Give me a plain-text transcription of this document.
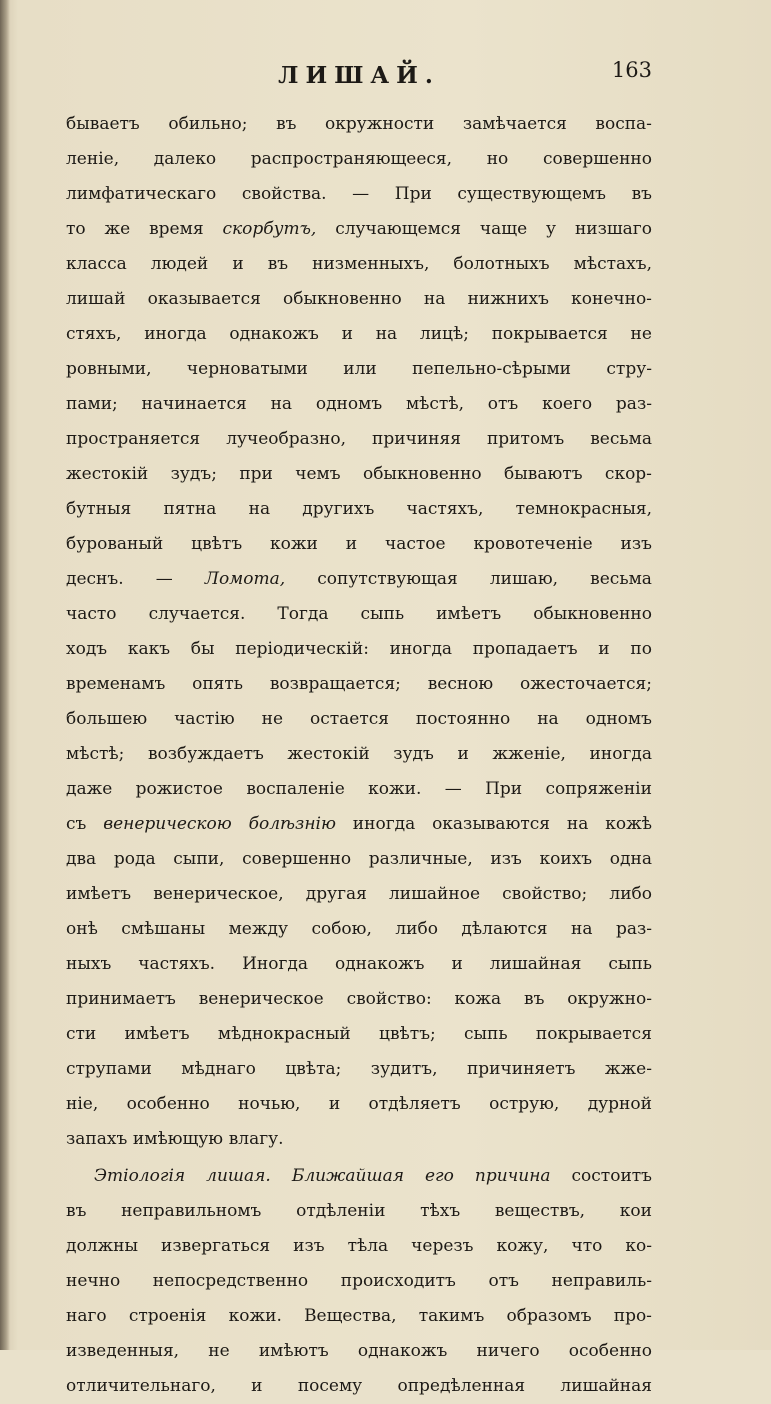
ЛИШАЙ.	163
бываетъ обильно; въ окружности замѣчается воспа-
леніе, далеко распространяющееся, но совершенно
лимфатическаго свойства. — При существующемъ въ
то же время скорбутъ, случающемся чаще у низшаго
класса людей и въ низменныхъ, болотныхъ мѣстахъ,
лишай оказывается обыкновенно на нижнихъ конечно-
стяхъ, иногда однакожъ и на лицѣ; покрывается не
ровными, черноватыми или пепельно-сѣрыми стру-
пами; начинается на одномъ мѣстѣ, отъ коего раз-
пространяется лучеобразно, причиняя притомъ весьма
жестокій зудъ; при чемъ обыкновенно бываютъ скор-
бутныя пятна на другихъ частяхъ, темнокрасныя,
бурованый цвѣтъ кожи и частое кровотеченіе изъ
деснъ. — Ломота, сопутствующая лишаю, весьма
часто случается. Тогда сыпь имѣетъ обыкновенно
ходъ какъ бы періодическій: иногда пропадаетъ и по
временамъ опять возвращается; весною ожесточается;
большею частію не остается постоянно на одномъ
мѣстѣ; возбуждаетъ жестокій зудъ и жженіе, иногда
даже рожистое воспаленіе кожи. — При сопряженіи
съ венерическою болѣзнію иногда оказываются на кожѣ
два рода сыпи, совершенно различные, изъ коихъ одна
имѣетъ венерическое, другая лишайное свойство; либо
онѣ смѣшаны между собою, либо дѣлаются на раз-
ныхъ частяхъ. Иногда однакожъ и лишайная сыпь
принимаетъ венерическое свойство: кожа въ окружно-
сти имѣетъ мѣднокрасный цвѣтъ; сыпь покрывается
струпами мѣднаго цвѣта; зудитъ, причиняетъ жже-
ніе, особенно ночью, и отдѣляетъ острую, дурной
запахъ имѣющую влагу.
Этіологія лишая. Ближайшая его причина состоитъ
въ неправильномъ отдѣленіи тѣхъ веществъ, кои
должны извергаться изъ тѣла черезъ кожу, что ко-
нечно непосредственно происходитъ отъ неправиль-
наго строенія кожи. Вещества, такимъ образомъ про-
изведенныя, не имѣютъ однакожъ ничего особенно
отличительнаго, и посему опредѣленная лишайная
